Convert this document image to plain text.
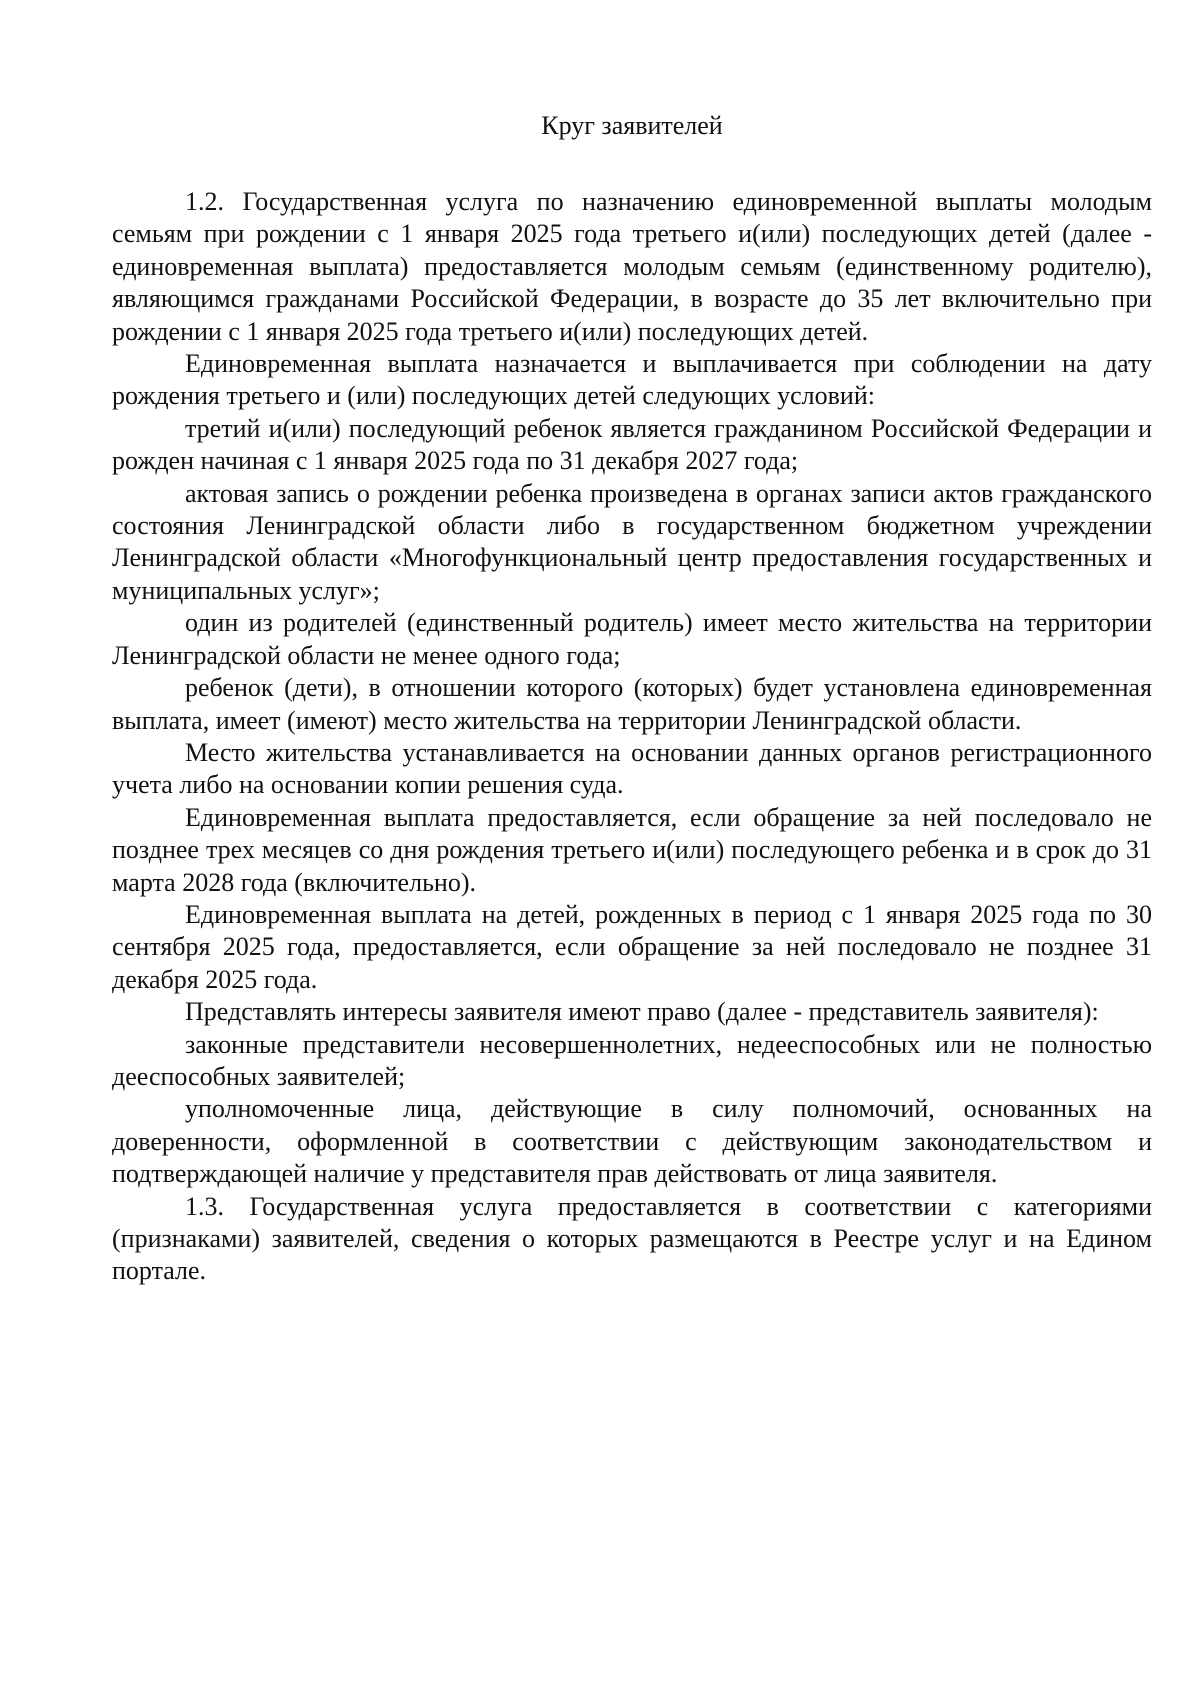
Круг заявителей

1.2. Государственная услуга по назначению единовременной выплаты молодым семьям при рождении с 1 января 2025 года третьего и(или) последующих детей (далее - единовременная выплата) предоставляется молодым семьям (единственному родителю), являющимся гражданами Российской Федерации, в возрасте до 35 лет включительно при рождении с 1 января 2025 года третьего и(или) последующих детей.

Единовременная выплата назначается и выплачивается при соблюдении на дату рождения третьего и (или) последующих детей следующих условий:

третий и(или) последующий ребенок является гражданином Российской Федерации и рожден начиная с 1 января 2025 года по 31 декабря 2027 года;

актовая запись о рождении ребенка произведена в органах записи актов гражданского состояния Ленинградской области либо в государственном бюджетном учреждении Ленинградской области «Многофункциональный центр предоставления государственных и муниципальных услуг»;

один из родителей (единственный родитель) имеет место жительства на территории Ленинградской области не менее одного года;

ребенок (дети), в отношении которого (которых) будет установлена единовременная выплата, имеет (имеют) место жительства на территории Ленинградской области.

Место жительства устанавливается на основании данных органов регистрационного учета либо на основании копии решения суда.

Единовременная выплата предоставляется, если обращение за ней последовало не позднее трех месяцев со дня рождения третьего и(или) последующего ребенка и в срок до 31 марта 2028 года (включительно).

Единовременная выплата на детей, рожденных в период с 1 января 2025 года по 30 сентября 2025 года, предоставляется, если обращение за ней последовало не позднее 31 декабря 2025 года.

Представлять интересы заявителя имеют право (далее - представитель заявителя):

законные представители несовершеннолетних, недееспособных или не полностью дееспособных заявителей;

уполномоченные лица, действующие в силу полномочий, основанных на доверенности, оформленной в соответствии с действующим законодательством и подтверждающей наличие у представителя прав действовать от лица заявителя.

1.3. Государственная услуга предоставляется в соответствии с категориями (признаками) заявителей, сведения о которых размещаются в Реестре услуг и на Едином портале.
